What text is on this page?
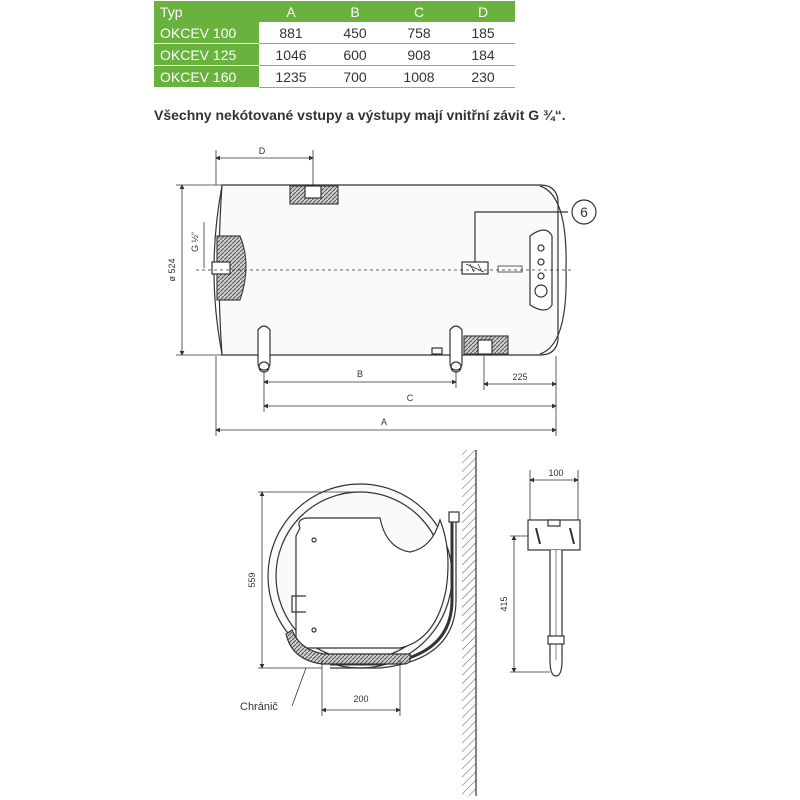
Typ	A	B	C	D
OKCEV 100	881	450	758	185
OKCEV 125	1046	600	908	184
OKCEV 160	1235	700	1008	230
Všechny nekótované vstupy a výstupy mají vnitřní závit G ¾“.
D
ø 524
G ½“
6
B	225
C
A
559
200
Chránič
100
415
